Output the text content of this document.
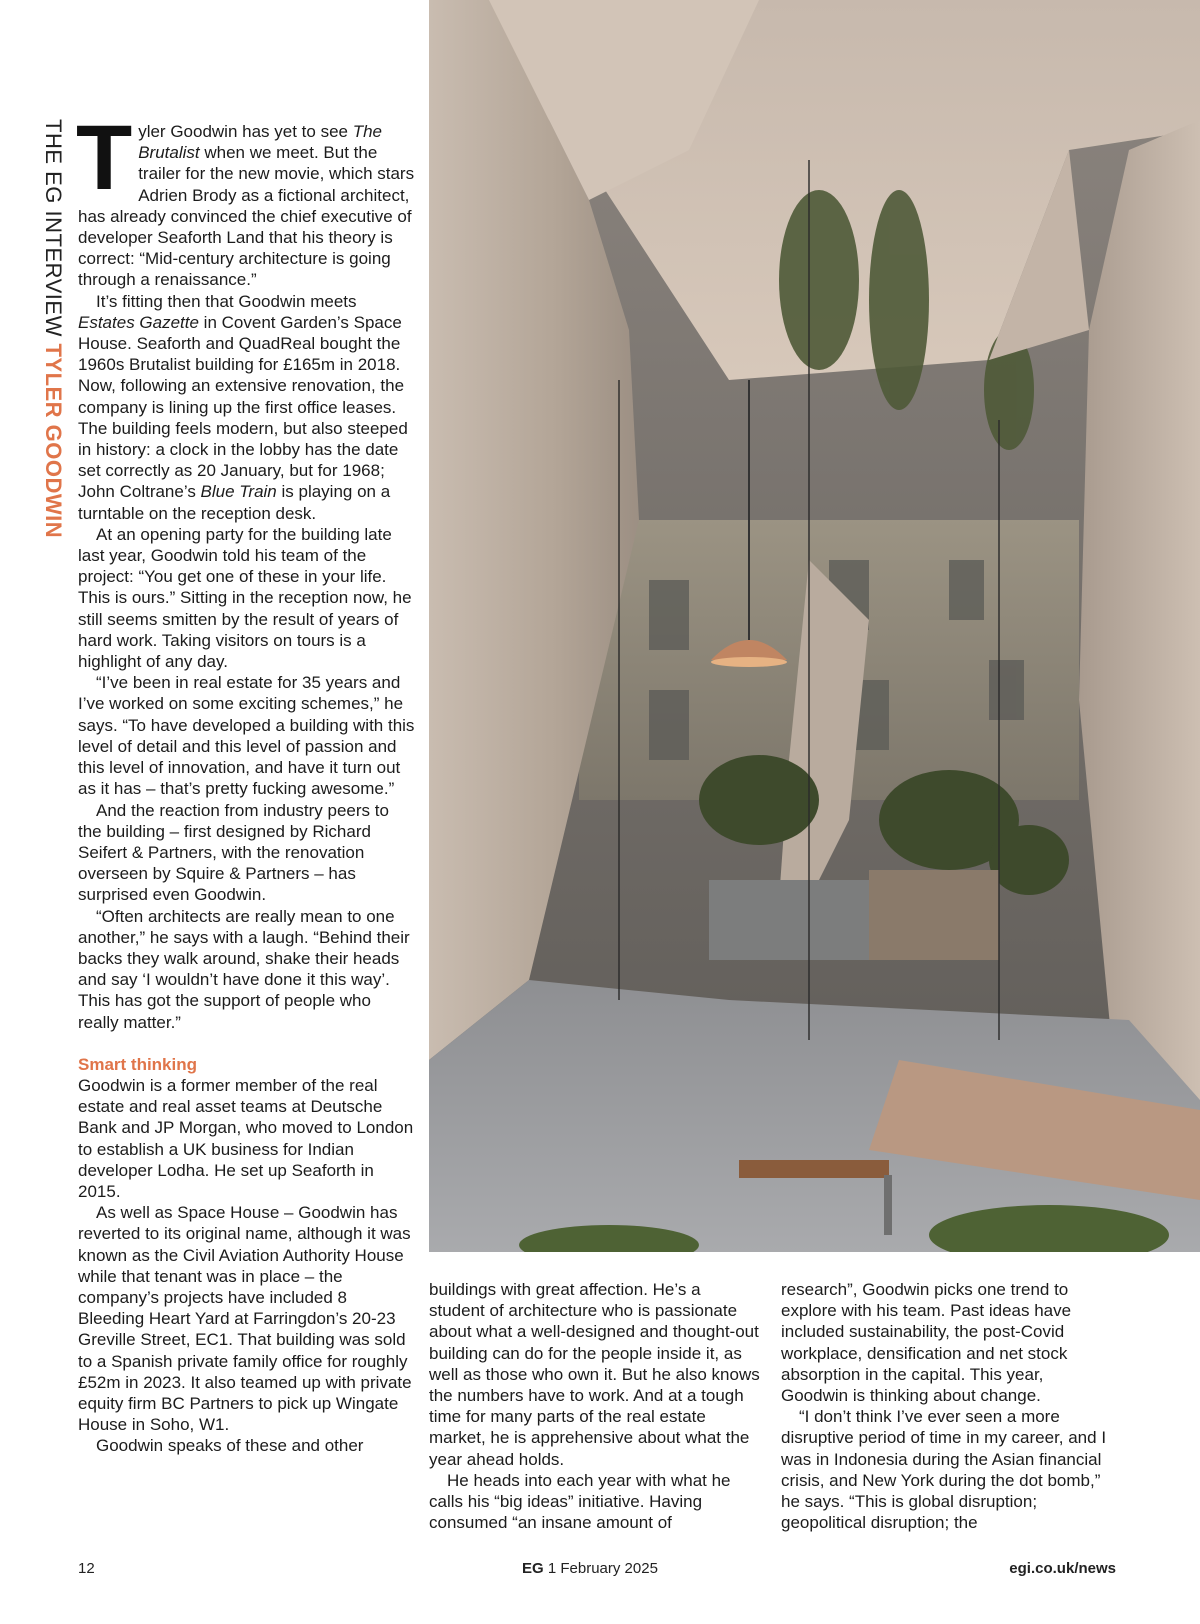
THE EG INTERVIEW TYLER GOODWIN

Tyler Goodwin has yet to see The Brutalist when we meet. But the trailer for the new movie, which stars Adrien Brody as a fictional architect, has already convinced the chief executive of developer Seaforth Land that his theory is correct: “Mid-century architecture is going through a renaissance.”

It’s fitting then that Goodwin meets Estates Gazette in Covent Garden’s Space House. Seaforth and QuadReal bought the 1960s Brutalist building for £165m in 2018. Now, following an extensive renovation, the company is lining up the first office leases. The building feels modern, but also steeped in history: a clock in the lobby has the date set correctly as 20 January, but for 1968; John Coltrane’s Blue Train is playing on a turntable on the reception desk.

At an opening party for the building late last year, Goodwin told his team of the project: “You get one of these in your life. This is ours.” Sitting in the reception now, he still seems smitten by the result of years of hard work. Taking visitors on tours is a highlight of any day.

“I’ve been in real estate for 35 years and I’ve worked on some exciting schemes,” he says. “To have developed a building with this level of detail and this level of passion and this level of innovation, and have it turn out as it has – that’s pretty fucking awesome.”

And the reaction from industry peers to the building – first designed by Richard Seifert & Partners, with the renovation overseen by Squire & Partners – has surprised even Goodwin.

“Often architects are really mean to one another,” he says with a laugh. “Behind their backs they walk around, shake their heads and say ‘I wouldn’t have done it this way’. This has got the support of people who really matter.”

Smart thinking

Goodwin is a former member of the real estate and real asset teams at Deutsche Bank and JP Morgan, who moved to London to establish a UK business for Indian developer Lodha. He set up Seaforth in 2015.

As well as Space House – Goodwin has reverted to its original name, although it was known as the Civil Aviation Authority House while that tenant was in place – the company’s projects have included 8 Bleeding Heart Yard at Farringdon’s 20-23 Greville Street, EC1. That building was sold to a Spanish private family office for roughly £52m in 2023. It also teamed up with private equity firm BC Partners to pick up Wingate House in Soho, W1.

Goodwin speaks of these and other

buildings with great affection. He’s a student of architecture who is passionate about what a well-designed and thought-out building can do for the people inside it, as well as those who own it. But he also knows the numbers have to work. And at a tough time for many parts of the real estate market, he is apprehensive about what the year ahead holds.

He heads into each year with what he calls his “big ideas” initiative. Having consumed “an insane amount of

research”, Goodwin picks one trend to explore with his team. Past ideas have included sustainability, the post-Covid workplace, densification and net stock absorption in the capital. This year, Goodwin is thinking about change.

“I don’t think I’ve ever seen a more disruptive period of time in my career, and I was in Indonesia during the Asian financial crisis, and New York during the dot bomb,” he says. “This is global disruption; geopolitical disruption; the

12	EG 1 February 2025	egi.co.uk/news
